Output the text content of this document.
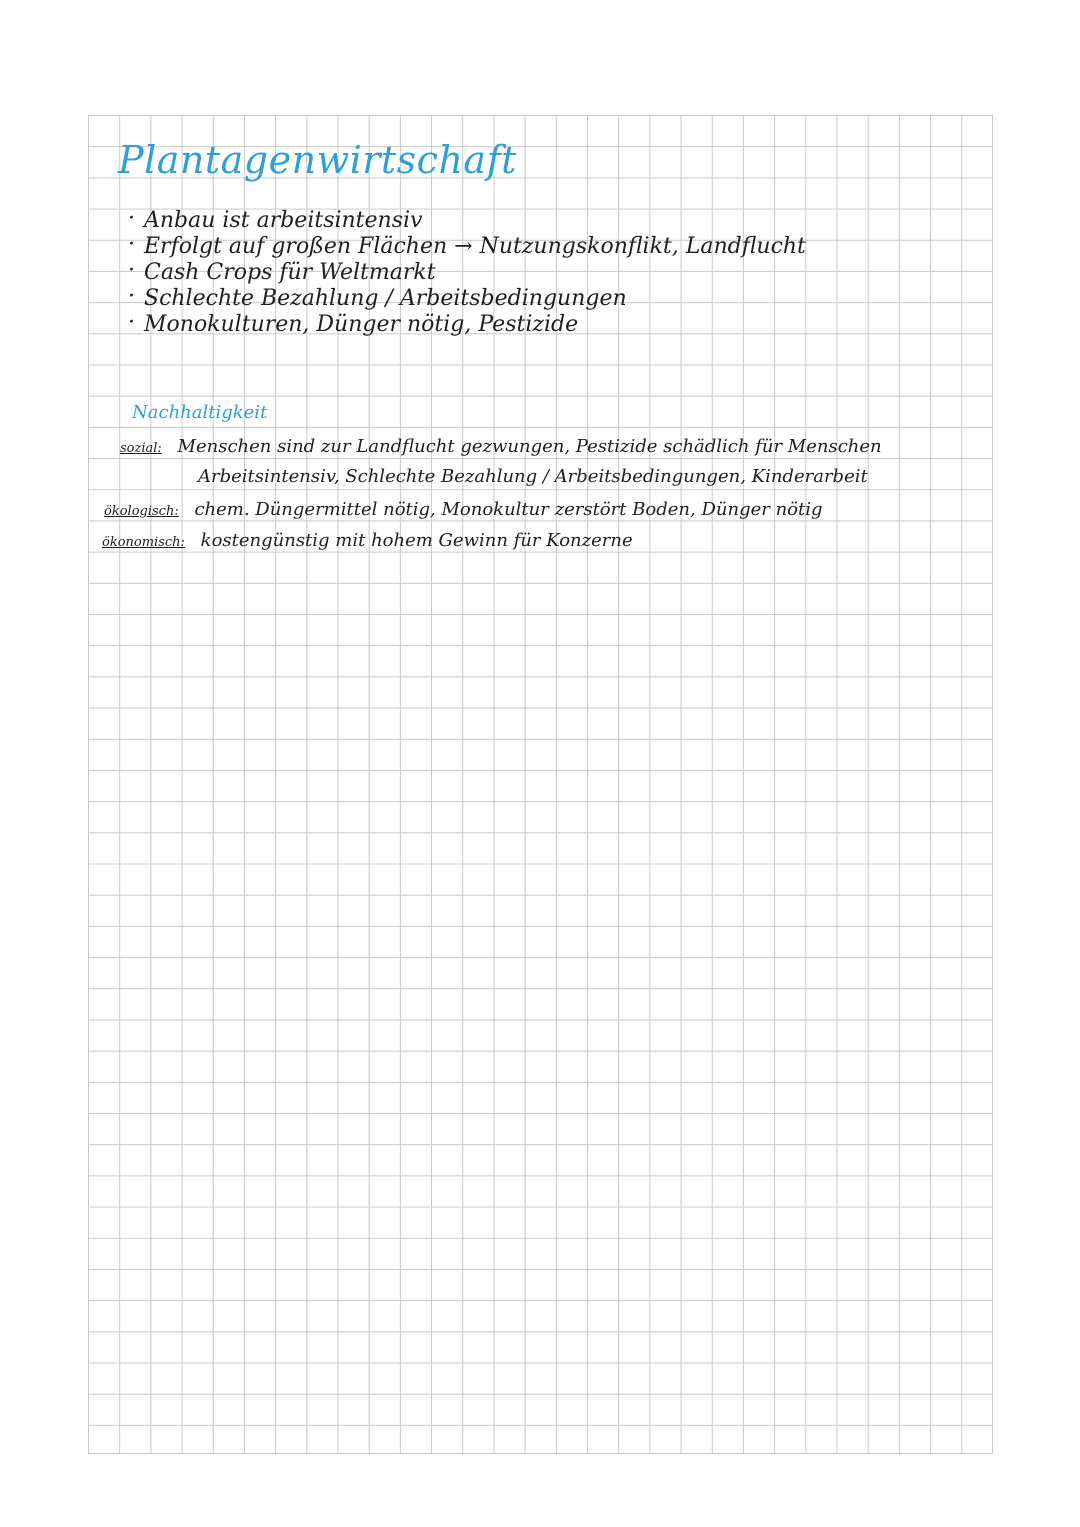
Plantagenwirtschaft
· Anbau ist arbeitsintensiv
· Erfolgt auf großen Flächen → Nutzungskonflikt, Landflucht
· Cash Crops für Weltmarkt
· Schlechte Bezahlung / Arbeitsbedingungen
· Monokulturen, Dünger nötig, Pestizide
Nachhaltigkeit
sozial: Menschen sind zur Landflucht gezwungen, Pestizide schädlich für Menschen
Arbeitsintensiv, Schlechte Bezahlung / Arbeitsbedingungen, Kinderarbeit
ökologisch: chem. Düngermittel nötig, Monokultur zerstört Boden, Dünger nötig
ökonomisch: kostengünstig mit hohem Gewinn für Konzerne
